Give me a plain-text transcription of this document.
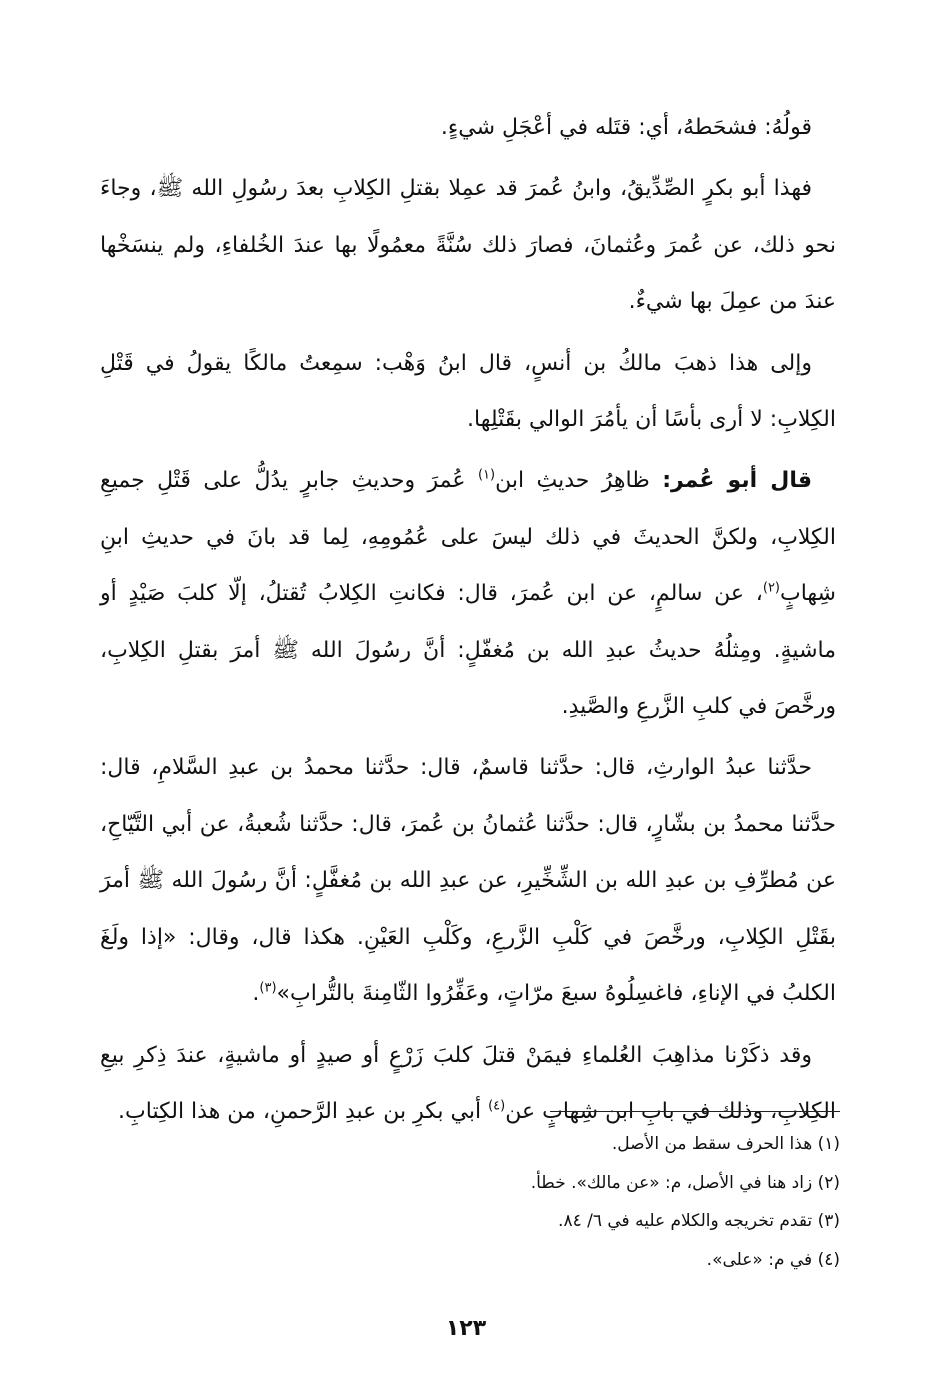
قولُهُ: فشحَطهُ، أي: قتَله في أعْجَلِ شيءٍ.

فهذا أبو بكرٍ الصِّدِّيقُ، وابنُ عُمرَ قد عمِلا بقتلِ الكِلابِ بعدَ رسُولِ الله ﷺ، وجاءَ نحو ذلك، عن عُمرَ وعُثمانَ، فصارَ ذلك سُنَّةً معمُولًا بها عندَ الخُلفاءِ، ولم ينسَخْها عندَ من عمِلَ بها شيءٌ.

وإلى هذا ذهبَ مالكُ بن أنسٍ، قال ابنُ وَهْب: سمِعتُ مالكًا يقولُ في قَتْلِ الكِلابِ: لا أرى بأسًا أن يأمُرَ الوالي بقَتْلِها.

قال أبو عُمر: ظاهِرُ حديثِ ابن$^{(١)}$ عُمرَ وحديثِ جابرٍ يدُلُّ على قَتْلِ جميعِ الكِلابِ، ولكنَّ الحديثَ في ذلك ليسَ على عُمُومِهِ، لِما قد بانَ في حديثِ ابنِ شِهابٍ$^{(٢)}$، عن سالمٍ، عن ابن عُمرَ، قال: فكانتِ الكِلابُ تُقتلُ، إلّا كلبَ صَيْدٍ أو ماشيةٍ. ومِثلُهُ حديثُ عبدِ الله بن مُغفّلٍ: أنَّ رسُولَ الله ﷺ أمرَ بقتلِ الكِلابِ، ورخَّصَ في كلبِ الزَّرعِ والصَّيدِ.

حدَّثنا عبدُ الوارثِ، قال: حدَّثنا قاسمٌ، قال: حدَّثنا محمدُ بن عبدِ السَّلامِ، قال: حدَّثنا محمدُ بن بشّارٍ، قال: حدَّثنا عُثمانُ بن عُمرَ، قال: حدَّثنا شُعبةُ، عن أبي التَّيّاحِ، عن مُطرِّفِ بن عبدِ الله بن الشِّخِّيرِ، عن عبدِ الله بن مُغفَّلٍ: أنَّ رسُولَ الله ﷺ أمرَ بقَتْلِ الكِلابِ، ورخَّصَ في كَلْبِ الزَّرعِ، وكَلْبِ العَيْنِ. هكذا قال، وقال: «إذا ولَغَ الكلبُ في الإناءِ، فاغسِلُوهُ سبعَ مرّاتٍ، وعَفِّرُوا الثّامِنةَ بالتُّرابِ»$^{(٣)}$.

وقد ذكَرْنا مذاهِبَ العُلماءِ فيمَنْ قتلَ كلبَ زَرْعٍ أو صيدٍ أو ماشيةٍ، عندَ ذِكرِ بيعِ الكِلابِ، وذلك في بابِ ابن شِهابٍ عن$^{(٤)}$ أبي بكرِ بن عبدِ الرَّحمنِ، من هذا الكِتابِ.

(١) هذا الحرف سقط من الأصل.
(٢) زاد هنا في الأصل، م: «عن مالك». خطأ.
(٣) تقدم تخريجه والكلام عليه في ٦/ ٨٤.
(٤) في م: «على».
١٢٣
